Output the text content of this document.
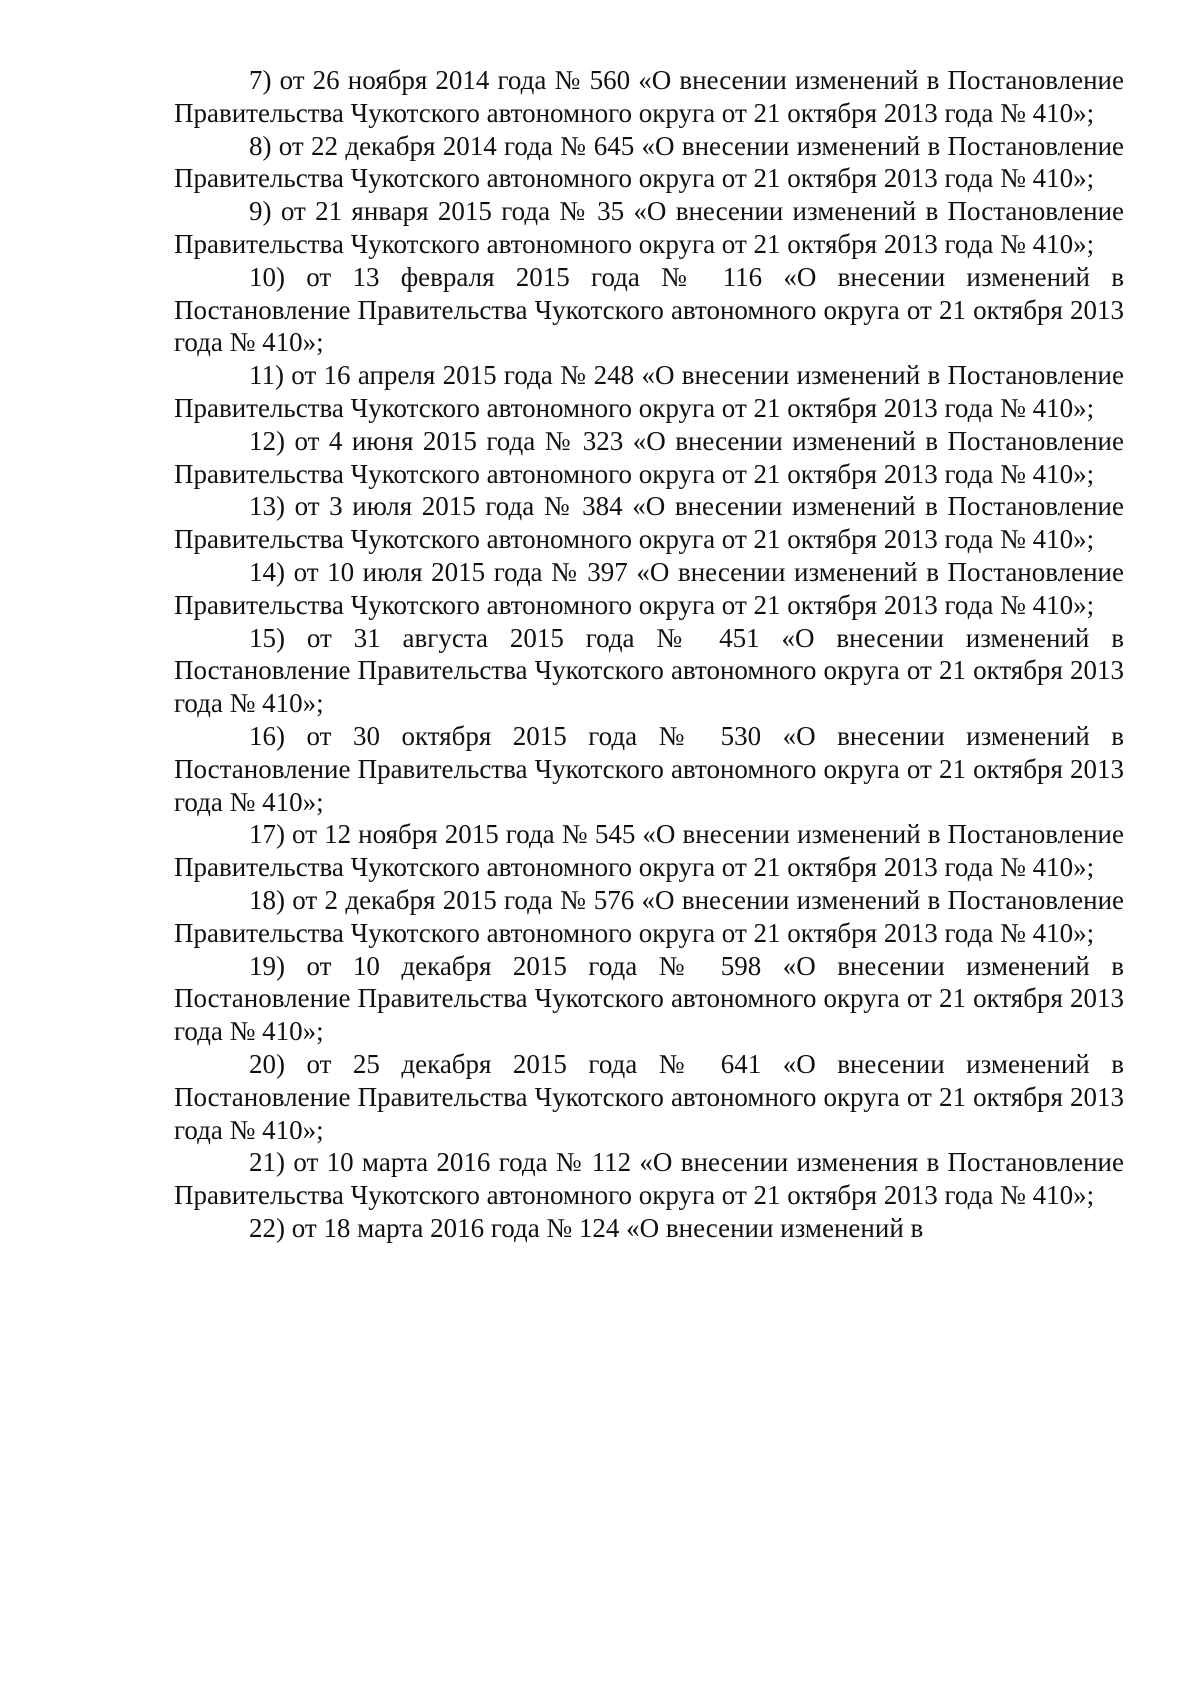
7) от 26 ноября 2014 года № 560 «О внесении изменений в Постановление Правительства Чукотского автономного округа от 21 октября 2013 года № 410»;

8) от 22 декабря 2014 года № 645 «О внесении изменений в Постановление Правительства Чукотского автономного округа от 21 октября 2013 года № 410»;

9) от 21 января 2015 года № 35 «О внесении изменений в Постановление Правительства Чукотского автономного округа от 21 октября 2013 года № 410»;

10) от 13 февраля 2015 года № 116 «О внесении изменений в Постановление Правительства Чукотского автономного округа от 21 октября 2013 года № 410»;

11) от 16 апреля 2015 года № 248 «О внесении изменений в Постановление Правительства Чукотского автономного округа от 21 октября 2013 года № 410»;

12) от 4 июня 2015 года № 323 «О внесении изменений в Постановление Правительства Чукотского автономного округа от 21 октября 2013 года № 410»;

13) от 3 июля 2015 года № 384 «О внесении изменений в Постановление Правительства Чукотского автономного округа от 21 октября 2013 года № 410»;

14) от 10 июля 2015 года № 397 «О внесении изменений в Постановление Правительства Чукотского автономного округа от 21 октября 2013 года № 410»;

15) от 31 августа 2015 года № 451 «О внесении изменений в Постановление Правительства Чукотского автономного округа от 21 октября 2013 года № 410»;

16) от 30 октября 2015 года № 530 «О внесении изменений в Постановление Правительства Чукотского автономного округа от 21 октября 2013 года № 410»;

17) от 12 ноября 2015 года № 545 «О внесении изменений в Постановление Правительства Чукотского автономного округа от 21 октября 2013 года № 410»;

18) от 2 декабря 2015 года № 576 «О внесении изменений в Постановление Правительства Чукотского автономного округа от 21 октября 2013 года № 410»;

19) от 10 декабря 2015 года № 598 «О внесении изменений в Постановление Правительства Чукотского автономного округа от 21 октября 2013 года № 410»;

20) от 25 декабря 2015 года № 641 «О внесении изменений в Постановление Правительства Чукотского автономного округа от 21 октября 2013 года № 410»;

21) от 10 марта 2016 года № 112 «О внесении изменения в Постановление Правительства Чукотского автономного округа от 21 октября 2013 года № 410»;

22) от 18 марта 2016 года № 124 «О внесении изменений в
